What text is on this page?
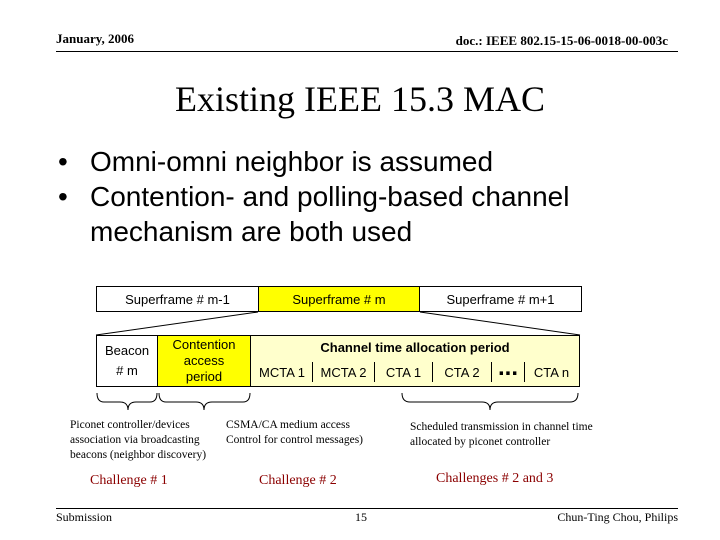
January, 2006	doc.: IEEE 802.15-15-06-0018-00-003c
Existing IEEE 15.3 MAC
• Omni-omni neighbor is assumed
• Contention- and polling-based channel mechanism are both used
Superframe # m-1	Superframe # m	Superframe # m+1
Beacon
# m
Contention access period
Channel time allocation period
MCTA 1 MCTA 2 CTA 1 CTA 2 ... CTA n
Piconet controller/devices association via broadcasting beacons (neighbor discovery)
CSMA/CA medium access Control for control messages)
Scheduled transmission in channel time allocated by piconet controller
Challenge # 1	Challenge # 2	Challenges # 2 and 3
Submission	15	Chun-Ting Chou, Philips
